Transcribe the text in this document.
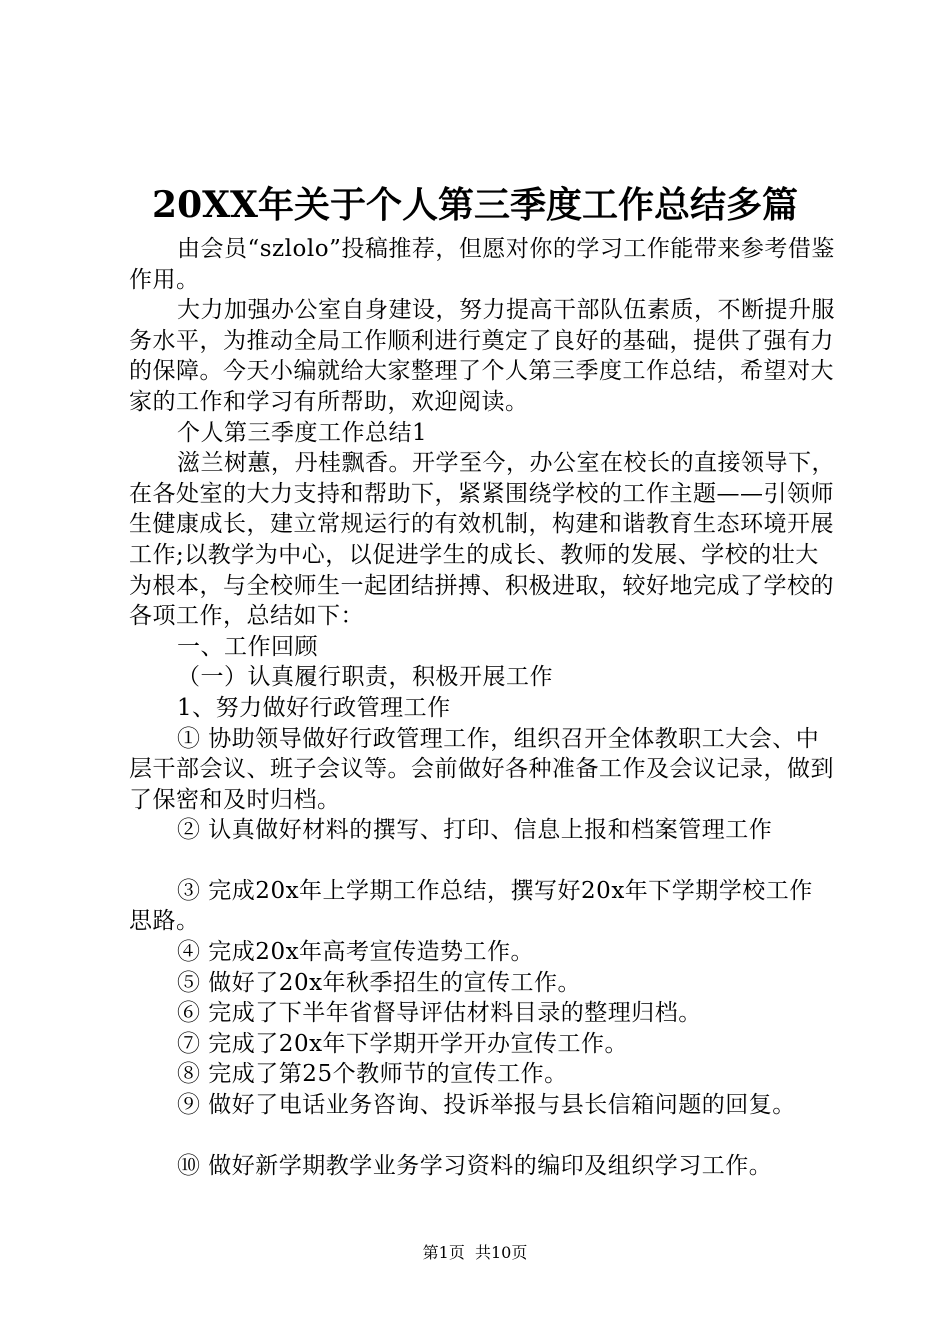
20XX年关于个人第三季度工作总结多篇

由会员“szlolo”投稿推荐，但愿对你的学习工作能带来参考借鉴作用。

大力加强办公室自身建设，努力提高干部队伍素质，不断提升服务水平，为推动全局工作顺利进行奠定了良好的基础，提供了强有力的保障。今天小编就给大家整理了个人第三季度工作总结，希望对大家的工作和学习有所帮助，欢迎阅读。

个人第三季度工作总结1

滋兰树蕙，丹桂飘香。开学至今，办公室在校长的直接领导下，在各处室的大力支持和帮助下，紧紧围绕学校的工作主题——引领师生健康成长，建立常规运行的有效机制，构建和谐教育生态环境开展工作;以教学为中心，以促进学生的成长、教师的发展、学校的壮大为根本，与全校师生一起团结拼搏、积极进取，较好地完成了学校的各项工作，总结如下：

一、工作回顾

（一）认真履行职责，积极开展工作

1、努力做好行政管理工作

① 协助领导做好行政管理工作，组织召开全体教职工大会、中层干部会议、班子会议等。会前做好各种准备工作及会议记录，做到了保密和及时归档。

② 认真做好材料的撰写、打印、信息上报和档案管理工作

③ 完成20x年上学期工作总结，撰写好20x年下学期学校工作思路。

④ 完成20x年高考宣传造势工作。

⑤ 做好了20x年秋季招生的宣传工作。

⑥ 完成了下半年省督导评估材料目录的整理归档。

⑦ 完成了20x年下学期开学开办宣传工作。

⑧ 完成了第25个教师节的宣传工作。

⑨ 做好了电话业务咨询、投诉举报与县长信箱问题的回复。

⑩ 做好新学期教学业务学习资料的编印及组织学习工作。

第1页  共10页
